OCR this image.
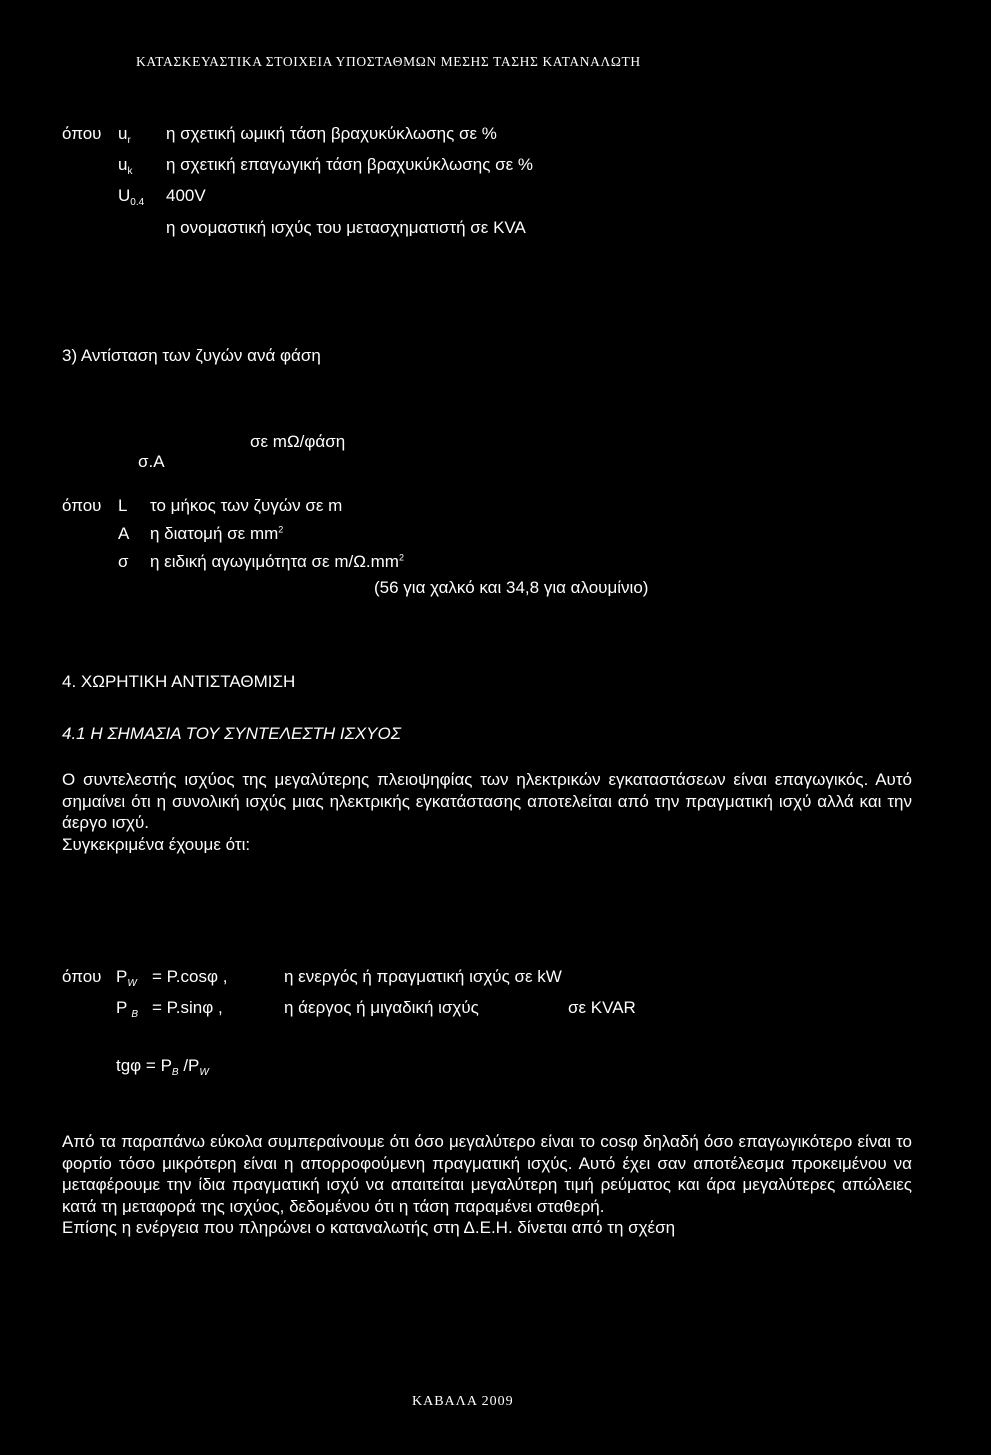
ΚΑΤΑΣΚΕΥΑΣΤΙΚΑ ΣΤΟΙΧΕΙΑ ΥΠΟΣΤΑΘΜΩΝ ΜΕΣΗΣ ΤΑΣΗΣ ΚΑΤΑΝΑΛΩΤΗ
όπου $u_r$ η σχετική ωμική τάση βραχυκύκλωσης σε %
$u_k$ η σχετική επαγωγική τάση βραχυκύκλωσης σε %
$U_{0.4}$ 400V
η ονομαστική ισχύς του μετασχηματιστή σε KVA
3) Αντίσταση των ζυγών ανά φάση
σε mΩ/φάση
σ.A
όπου L το μήκος των ζυγών σε m
A η διατομή σε $mm^2$
σ η ειδική αγωγιμότητα σε $m/\Omega.mm^2$
(56 για χαλκό και 34,8 για αλουμίνιο)
4. ΧΩΡΗΤΙΚΗ ΑΝΤΙΣΤΑΘΜΙΣΗ
4.1 Η ΣΗΜΑΣΙΑ ΤΟΥ ΣΥΝΤΕΛΕΣΤΗ ΙΣΧΥΟΣ

Ο συντελεστής ισχύος της μεγαλύτερης πλειοψηφίας των ηλεκτρικών εγκαταστάσεων είναι επαγωγικός. Αυτό σημαίνει ότι η συνολική ισχύς μιας ηλεκτρικής εγκατάστασης αποτελείται από την πραγματική ισχύ αλλά και την άεργο ισχύ.

Συγκεκριμένα έχουμε ότι:

όπου $P_W = P.\cos\varphi$ ,	η ενεργός ή πραγματική ισχύς σε kW
P $_B$ = P.sinφ ,	η άεργος ή μιγαδική ισχύς	σε KVAR
$tg\varphi = P_B$ $/P_W$

Από τα παραπάνω εύκολα συμπεραίνουμε ότι όσο μεγαλύτερο είναι το cosφ δηλαδή όσο επαγωγικότερο είναι το φορτίο τόσο μικρότερη είναι η απορροφούμενη πραγματική ισχύς. Αυτό έχει σαν αποτέλεσμα προκειμένου να μεταφέρουμε την ίδια πραγματική ισχύ να απαιτείται μεγαλύτερη τιμή ρεύματος και άρα μεγαλύτερες απώλειες κατά τη μεταφορά της ισχύος, δεδομένου ότι η τάση παραμένει σταθερή.

Επίσης η ενέργεια που πληρώνει ο καταναλωτής στη Δ.Ε.Η. δίνεται από τη σχέση

ΚΑΒΑΛΑ 2009
